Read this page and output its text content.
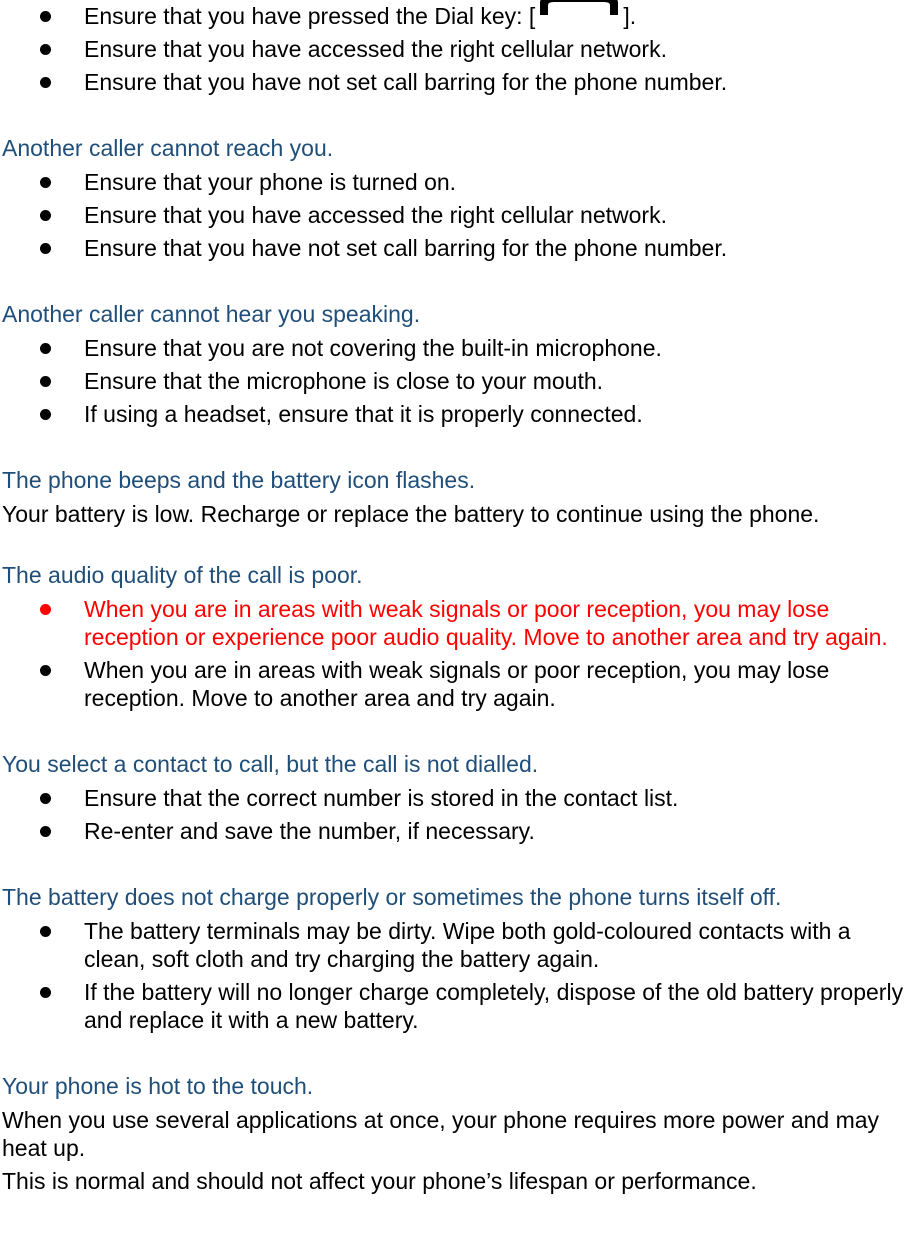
Ensure that you have pressed the Dial key: [	].
Ensure that you have accessed the right cellular network.
Ensure that you have not set call barring for the phone number.

Another caller cannot reach you.

Ensure that your phone is turned on.
Ensure that you have accessed the right cellular network.
Ensure that you have not set call barring for the phone number.

Another caller cannot hear you speaking.

Ensure that you are not covering the built-in microphone.
Ensure that the microphone is close to your mouth.
If using a headset, ensure that it is properly connected.

The phone beeps and the battery icon flashes.

Your battery is low. Recharge or replace the battery to continue using the phone.

The audio quality of the call is poor.

When you are in areas with weak signals or poor reception, you may lose reception or experience poor audio quality. Move to another area and try again.
When you are in areas with weak signals or poor reception, you may lose reception. Move to another area and try again.

You select a contact to call, but the call is not dialled.

Ensure that the correct number is stored in the contact list.
Re-enter and save the number, if necessary.

The battery does not charge properly or sometimes the phone turns itself off.

The battery terminals may be dirty. Wipe both gold-coloured contacts with a clean, soft cloth and try charging the battery again.
If the battery will no longer charge completely, dispose of the old battery properly and replace it with a new battery.

Your phone is hot to the touch.

When you use several applications at once, your phone requires more power and may heat up.

This is normal and should not affect your phone’s lifespan or performance.
